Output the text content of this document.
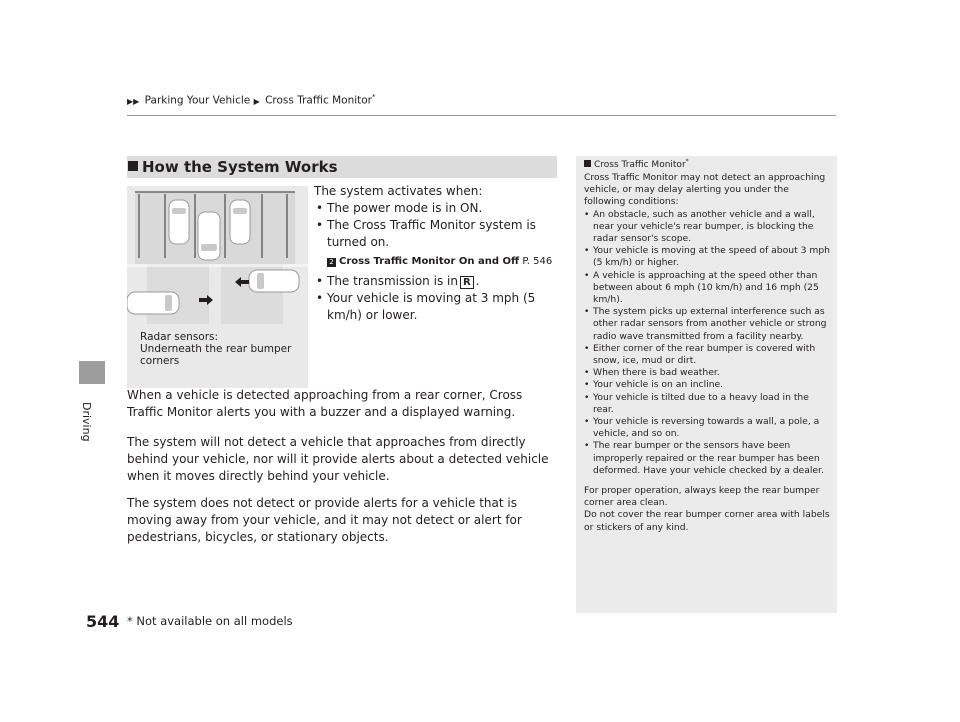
▶▶ Parking Your Vehicle ▶ Cross Traffic Monitor*
Driving
How the System Works
Radar sensors:
Underneath the rear bumper
corners
The system activates when:

• The power mode is in ON.

• The Cross Traffic Monitor system is turned on.

2 Cross Traffic Monitor On and Off P. 546

• The transmission is in R .

• Your vehicle is moving at 3 mph (5 km/h) or lower.

When a vehicle is detected approaching from a rear corner, Cross Traffic Monitor alerts you with a buzzer and a displayed warning.
The system will not detect a vehicle that approaches from directly behind your vehicle, nor will it provide alerts about a detected vehicle when it moves directly behind your vehicle.
The system does not detect or provide alerts for a vehicle that is moving away from your vehicle, and it may not detect or alert for pedestrians, bicycles, or stationary objects.
Cross Traffic Monitor*

Cross Traffic Monitor may not detect an approaching vehicle, or may delay alerting you under the following conditions:

• An obstacle, such as another vehicle and a wall, near your vehicle's rear bumper, is blocking the radar sensor's scope.

• Your vehicle is moving at the speed of about 3 mph (5 km/h) or higher.

• A vehicle is approaching at the speed other than between about 6 mph (10 km/h) and 16 mph (25 km/h).

• The system picks up external interference such as other radar sensors from another vehicle or strong radio wave transmitted from a facility nearby.

• Either corner of the rear bumper is covered with snow, ice, mud or dirt.

• When there is bad weather.

• Your vehicle is on an incline.

• Your vehicle is tilted due to a heavy load in the rear.

• Your vehicle is reversing towards a wall, a pole, a vehicle, and so on.

• The rear bumper or the sensors have been improperly repaired or the rear bumper has been deformed. Have your vehicle checked by a dealer.

For proper operation, always keep the rear bumper corner area clean.

Do not cover the rear bumper corner area with labels or stickers of any kind.

544 * Not available on all models
